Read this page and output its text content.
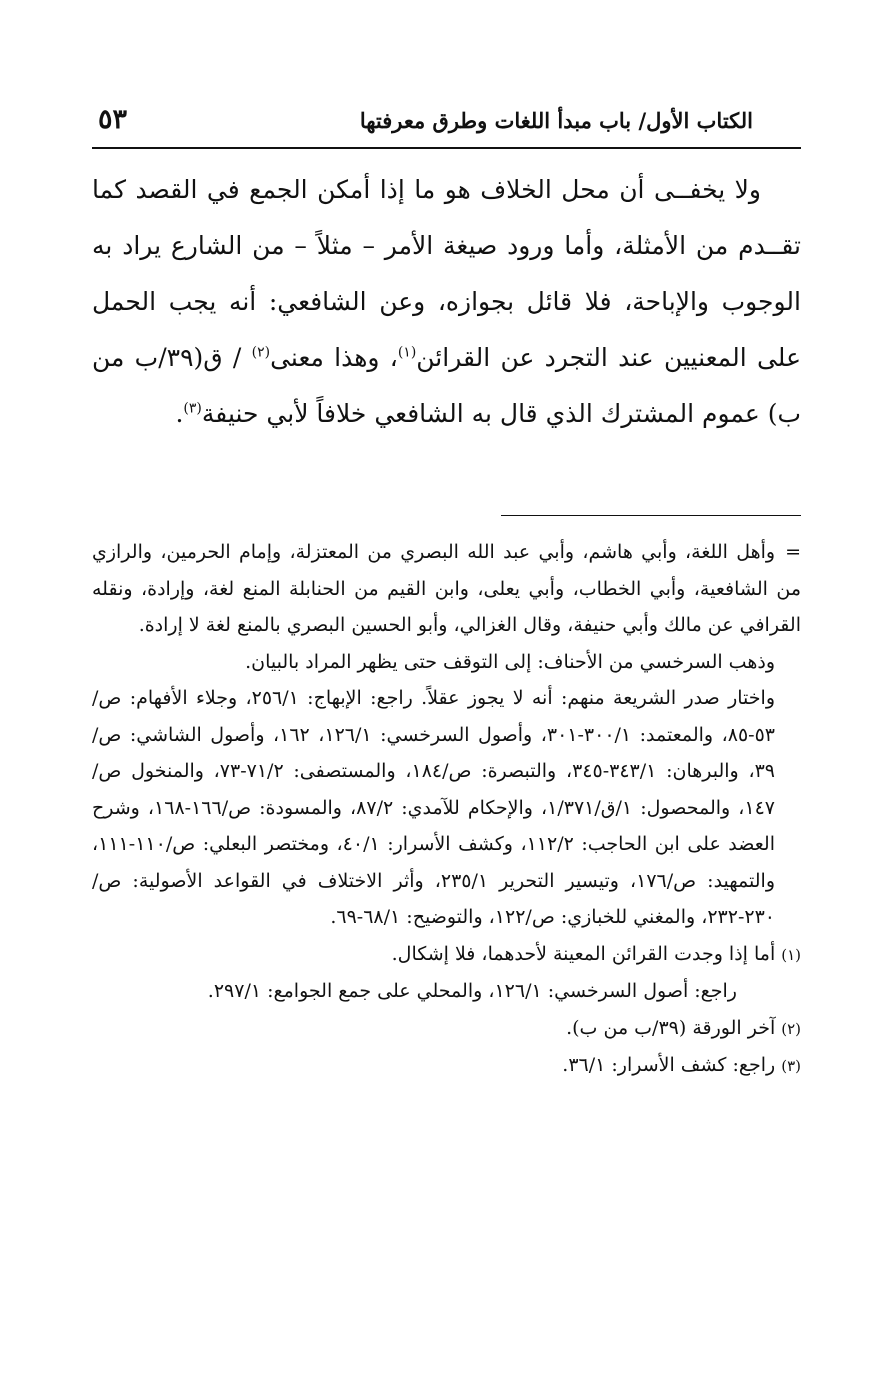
الكتاب الأول/ باب مبدأ اللغات وطرق معرفتها
٥٣

ولا يخفــى أن محل الخلاف هو ما إذا أمكن الجمع في القصد كما تقــدم من الأمثلة، وأما ورود صيغة الأمر – مثلاً – من الشارع يراد به الوجوب والإباحة، فلا قائل بجوازه، وعن الشافعي: أنه يجب الحمل على المعنيين عند التجرد عن القرائن$^{(١)}$، وهذا معنى$^{(٢)}$ / ق(٣٩/ب من ب) عموم المشترك الذي قال به الشافعي خلافاً لأبي حنيفة$^{(٣)}$.

=وأهل اللغة، وأبي هاشم، وأبي عبد الله البصري من المعتزلة، وإمام الحرمين، والرازي من الشافعية، وأبي الخطاب، وأبي يعلى، وابن القيم من الحنابلة المنع لغة، وإرادة، ونقله القرافي عن مالك وأبي حنيفة، وقال الغزالي، وأبو الحسين البصري بالمنع لغة لا إرادة.

وذهب السرخسي من الأحناف: إلى التوقف حتى يظهر المراد بالبيان.

واختار صدر الشريعة منهم: أنه لا يجوز عقلاً. راجع: الإبهاج: ٢٥٦/١، وجلاء الأفهام: ص/٥٣-٨٥، والمعتمد: ٣٠٠/١-٣٠١، وأصول السرخسي: ١٢٦/١، ١٦٢، وأصول الشاشي: ص/٣٩، والبرهان: ٣٤٣/١-٣٤٥، والتبصرة: ص/١٨٤، والمستصفى: ٧١/٢-٧٣، والمنخول ص/١٤٧، والمحصول: ١/ق/١/٣٧١، والإحكام للآمدي: ٨٧/٢، والمسودة: ص/١٦٦-١٦٨، وشرح العضد على ابن الحاجب: ١١٢/٢، وكشف الأسرار: ٤٠/١، ومختصر البعلي: ص/١١٠-١١١، والتمهيد: ص/١٧٦، وتيسير التحرير ٢٣٥/١، وأثر الاختلاف في القواعد الأصولية: ص/٢٣٠-٢٣٢، والمغني للخبازي: ص/١٢٢، والتوضيح: ٦٨/١-٦٩.

(١)أما إذا وجدت القرائن المعينة لأحدهما، فلا إشكال.

راجع: أصول السرخسي: ١٢٦/١، والمحلي على جمع الجوامع: ٢٩٧/١.

(٢)آخر الورقة (٣٩/ب من ب).

(٣)راجع: كشف الأسرار: ٣٦/١.
